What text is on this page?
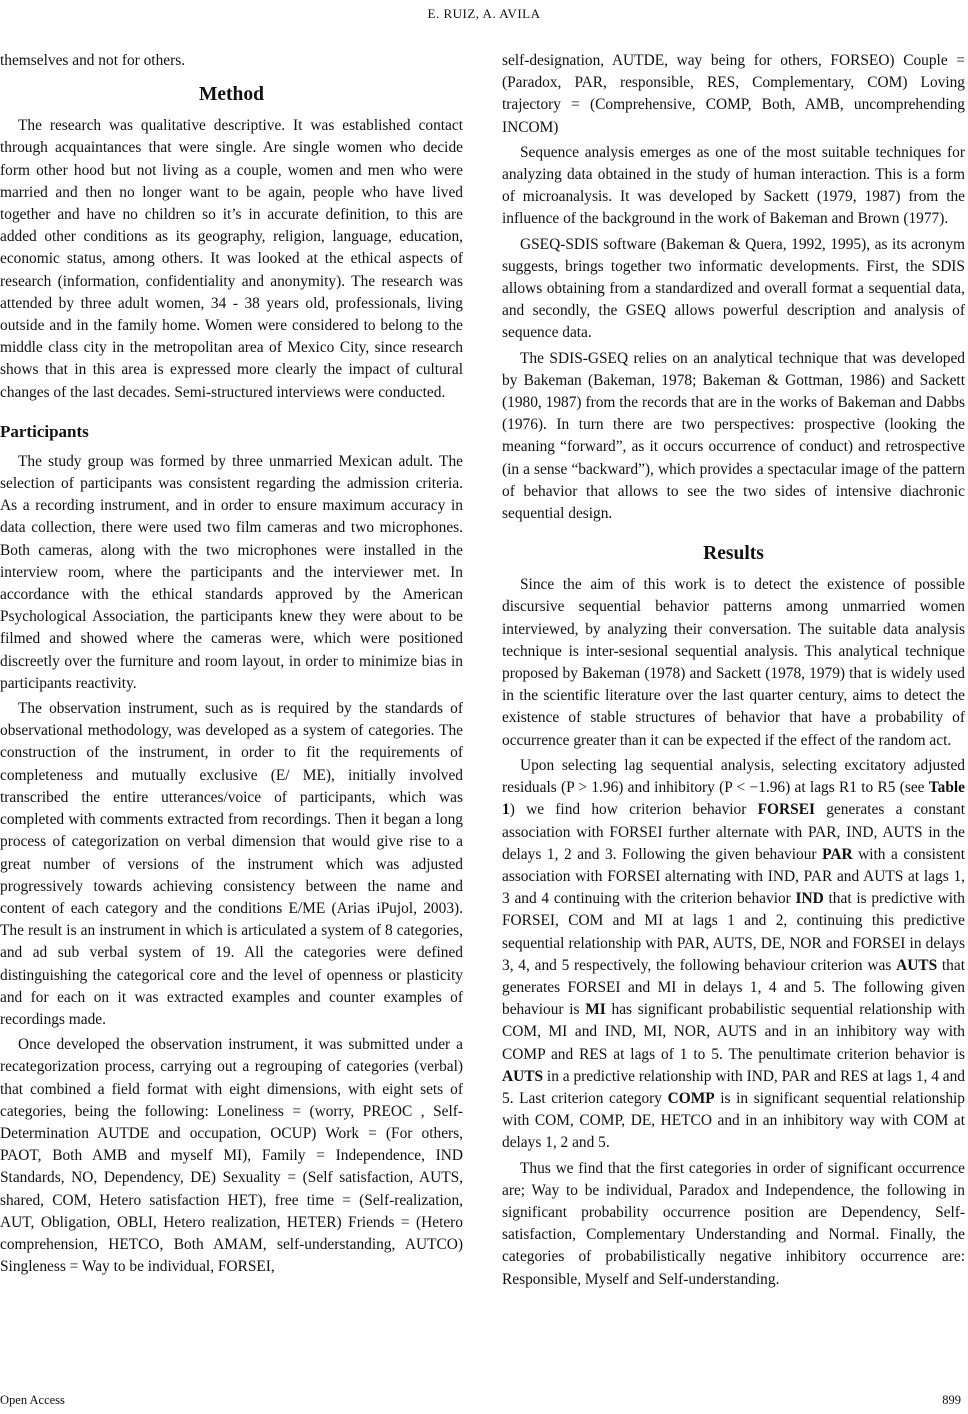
E. RUIZ, A. AVILA

themselves and not for others.

Method

The research was qualitative descriptive. It was established contact through acquaintances that were single. Are single women who decide form other hood but not living as a couple, women and men who were married and then no longer want to be again, people who have lived together and have no children so it’s in accurate definition, to this are added other conditions as its geography, religion, language, education, economic status, among others. It was looked at the ethical aspects of research (information, confidentiality and anonymity). The research was attended by three adult women, 34 - 38 years old, professionals, living outside and in the family home. Women were considered to belong to the middle class city in the metropolitan area of Mexico City, since research shows that in this area is expressed more clearly the impact of cultural changes of the last decades. Semi-structured interviews were conducted.

Participants

The study group was formed by three unmarried Mexican adult. The selection of participants was consistent regarding the admission criteria. As a recording instrument, and in order to ensure maximum accuracy in data collection, there were used two film cameras and two microphones. Both cameras, along with the two microphones were installed in the interview room, where the participants and the interviewer met. In accordance with the ethical standards approved by the American Psychological Association, the participants knew they were about to be filmed and showed where the cameras were, which were positioned discreetly over the furniture and room layout, in order to minimize bias in participants reactivity.

The observation instrument, such as is required by the standards of observational methodology, was developed as a system of categories. The construction of the instrument, in order to fit the requirements of completeness and mutually exclusive (E/ ME), initially involved transcribed the entire utterances/voice of participants, which was completed with comments extracted from recordings. Then it began a long process of categorization on verbal dimension that would give rise to a great number of versions of the instrument which was adjusted progressively towards achieving consistency between the name and content of each category and the conditions E/ME (Arias iPujol, 2003). The result is an instrument in which is articulated a system of 8 categories, and ad sub verbal system of 19. All the categories were defined distinguishing the categorical core and the level of openness or plasticity and for each on it was extracted examples and counter examples of recordings made.

Once developed the observation instrument, it was submitted under a recategorization process, carrying out a regrouping of categories (verbal) that combined a field format with eight dimensions, with eight sets of categories, being the following: Loneliness = (worry, PREOC , Self-Determination AUTDE and occupation, OCUP) Work = (For others, PAOT, Both AMB and myself MI), Family = Independence, IND Standards, NO, Dependency, DE) Sexuality = (Self satisfaction, AUTS, shared, COM, Hetero satisfaction HET), free time = (Self-realization, AUT, Obligation, OBLI, Hetero realization, HETER) Friends = (Hetero comprehension, HETCO, Both AMAM, self-understanding, AUTCO) Singleness = Way to be individual, FORSEI,

self-designation, AUTDE, way being for others, FORSEO) Couple = (Paradox, PAR, responsible, RES, Complementary, COM) Loving trajectory = (Comprehensive, COMP, Both, AMB, uncomprehending INCOM)

Sequence analysis emerges as one of the most suitable techniques for analyzing data obtained in the study of human interaction. This is a form of microanalysis. It was developed by Sackett (1979, 1987) from the influence of the background in the work of Bakeman and Brown (1977).

GSEQ-SDIS software (Bakeman & Quera, 1992, 1995), as its acronym suggests, brings together two informatic developments. First, the SDIS allows obtaining from a standardized and overall format a sequential data, and secondly, the GSEQ allows powerful description and analysis of sequence data.

The SDIS-GSEQ relies on an analytical technique that was developed by Bakeman (Bakeman, 1978; Bakeman & Gottman, 1986) and Sackett (1980, 1987) from the records that are in the works of Bakeman and Dabbs (1976). In turn there are two perspectives: prospective (looking the meaning “forward”, as it occurs occurrence of conduct) and retrospective (in a sense “backward”), which provides a spectacular image of the pattern of behavior that allows to see the two sides of intensive diachronic sequential design.

Results

Since the aim of this work is to detect the existence of possible discursive sequential behavior patterns among unmarried women interviewed, by analyzing their conversation. The suitable data analysis technique is inter-sesional sequential analysis. This analytical technique proposed by Bakeman (1978) and Sackett (1978, 1979) that is widely used in the scientific literature over the last quarter century, aims to detect the existence of stable structures of behavior that have a probability of occurrence greater than it can be expected if the effect of the random act.

Upon selecting lag sequential analysis, selecting excitatory adjusted residuals (P > 1.96) and inhibitory (P < −1.96) at lags R1 to R5 (see Table 1) we find how criterion behavior FORSEI generates a constant association with FORSEI further alternate with PAR, IND, AUTS in the delays 1, 2 and 3. Following the given behaviour PAR with a consistent association with FORSEI alternating with IND, PAR and AUTS at lags 1, 3 and 4 continuing with the criterion behavior IND that is predictive with FORSEI, COM and MI at lags 1 and 2, continuing this predictive sequential relationship with PAR, AUTS, DE, NOR and FORSEI in delays 3, 4, and 5 respectively, the following behaviour criterion was AUTS that generates FORSEI and MI in delays 1, 4 and 5. The following given behaviour is MI has significant probabilistic sequential relationship with COM, MI and IND, MI, NOR, AUTS and in an inhibitory way with COMP and RES at lags of 1 to 5. The penultimate criterion behavior is AUTS in a predictive relationship with IND, PAR and RES at lags 1, 4 and 5. Last criterion category COMP is in significant sequential relationship with COM, COMP, DE, HETCO and in an inhibitory way with COM at delays 1, 2 and 5.

Thus we find that the first categories in order of significant occurrence are; Way to be individual, Paradox and Independence, the following in significant probability occurrence position are Dependency, Self-satisfaction, Complementary Understanding and Normal. Finally, the categories of probabilistically negative inhibitory occurrence are: Responsible, Myself and Self-understanding.

Open Access	899
